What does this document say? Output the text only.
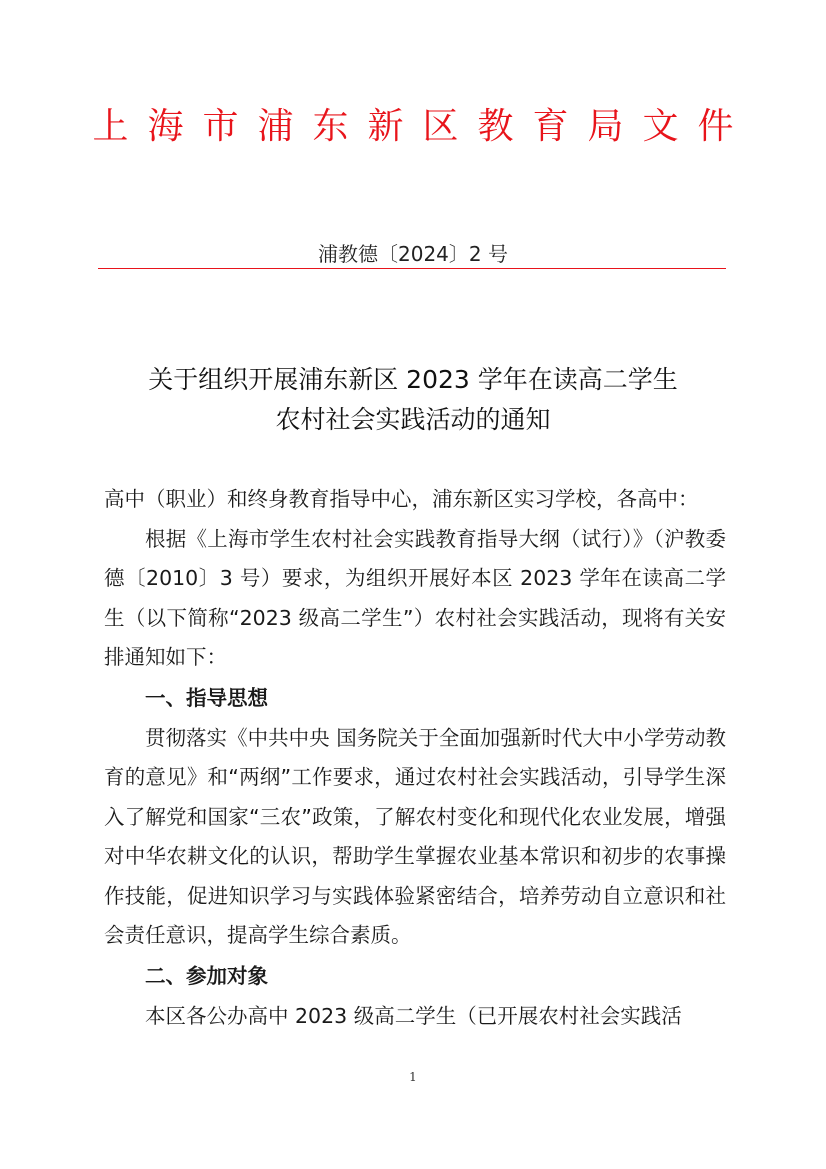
上海市浦东新区教育局文件
浦教德〔2024〕2 号
关于组织开展浦东新区 2023 学年在读高二学生
农村社会实践活动的通知

高中（职业）和终身教育指导中心，浦东新区实习学校，各高中：

根据《上海市学生农村社会实践教育指导大纲（试行）》（沪教委德〔2010〕3 号）要求，为组织开展好本区 2023 学年在读高二学生（以下简称“2023 级高二学生”）农村社会实践活动，现将有关安排通知如下：

一、指导思想

贯彻落实《中共中央 国务院关于全面加强新时代大中小学劳动教育的意见》和“两纲”工作要求，通过农村社会实践活动，引导学生深入了解党和国家“三农”政策，了解农村变化和现代化农业发展，增强对中华农耕文化的认识，帮助学生掌握农业基本常识和初步的农事操作技能，促进知识学习与实践体验紧密结合，培养劳动自立意识和社会责任意识，提高学生综合素质。

二、参加对象

本区各公办高中 2023 级高二学生（已开展农村社会实践活

1
